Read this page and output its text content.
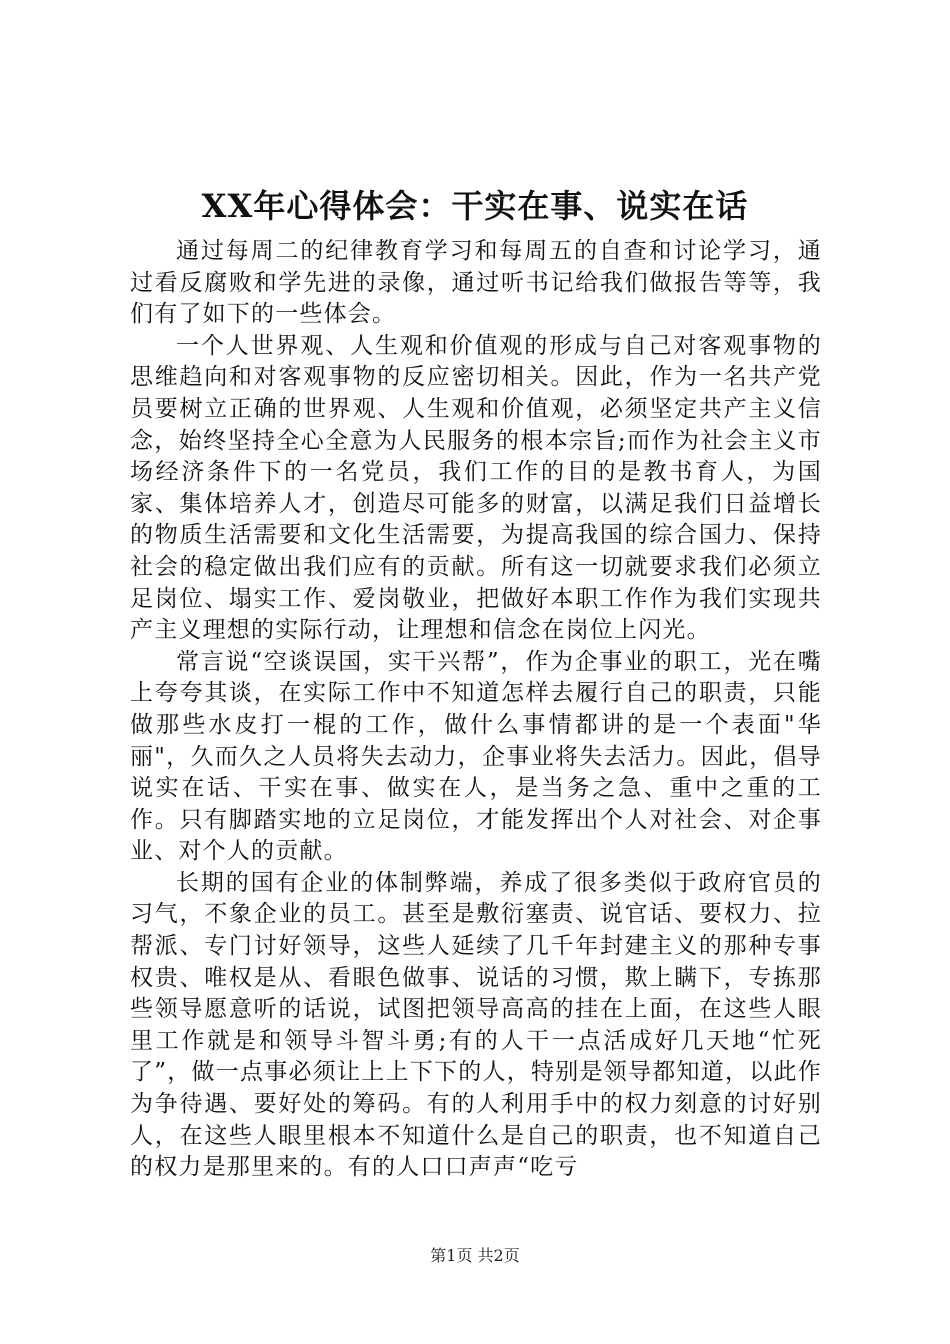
XX年心得体会：干实在事、说实在话

通过每周二的纪律教育学习和每周五的自查和讨论学习，通过看反腐败和学先进的录像，通过听书记给我们做报告等等，我们有了如下的一些体会。

一个人世界观、人生观和价值观的形成与自己对客观事物的思维趋向和对客观事物的反应密切相关。因此，作为一名共产党员要树立正确的世界观、人生观和价值观，必须坚定共产主义信念，始终坚持全心全意为人民服务的根本宗旨;而作为社会主义市场经济条件下的一名党员，我们工作的目的是教书育人，为国家、集体培养人才，创造尽可能多的财富，以满足我们日益增长的物质生活需要和文化生活需要，为提高我国的综合国力、保持社会的稳定做出我们应有的贡献。所有这一切就要求我们必须立足岗位、塌实工作、爱岗敬业，把做好本职工作作为我们实现共产主义理想的实际行动，让理想和信念在岗位上闪光。

常言说“空谈误国，实干兴帮”，作为企事业的职工，光在嘴上夸夸其谈，在实际工作中不知道怎样去履行自己的职责，只能做那些水皮打一棍的工作，做什么事情都讲的是一个表面"华丽"，久而久之人员将失去动力，企事业将失去活力。因此，倡导说实在话、干实在事、做实在人，是当务之急、重中之重的工作。只有脚踏实地的立足岗位，才能发挥出个人对社会、对企事业、对个人的贡献。

长期的国有企业的体制弊端，养成了很多类似于政府官员的习气，不象企业的员工。甚至是敷衍塞责、说官话、要权力、拉帮派、专门讨好领导，这些人延续了几千年封建主义的那种专事权贵、唯权是从、看眼色做事、说话的习惯，欺上瞒下，专拣那些领导愿意听的话说，试图把领导高高的挂在上面，在这些人眼里工作就是和领导斗智斗勇;有的人干一点活成好几天地“忙死了”，做一点事必须让上上下下的人，特别是领导都知道，以此作为争待遇、要好处的筹码。有的人利用手中的权力刻意的讨好别人，在这些人眼里根本不知道什么是自己的职责，也不知道自己的权力是那里来的。有的人口口声声“吃亏

第1页 共2页
